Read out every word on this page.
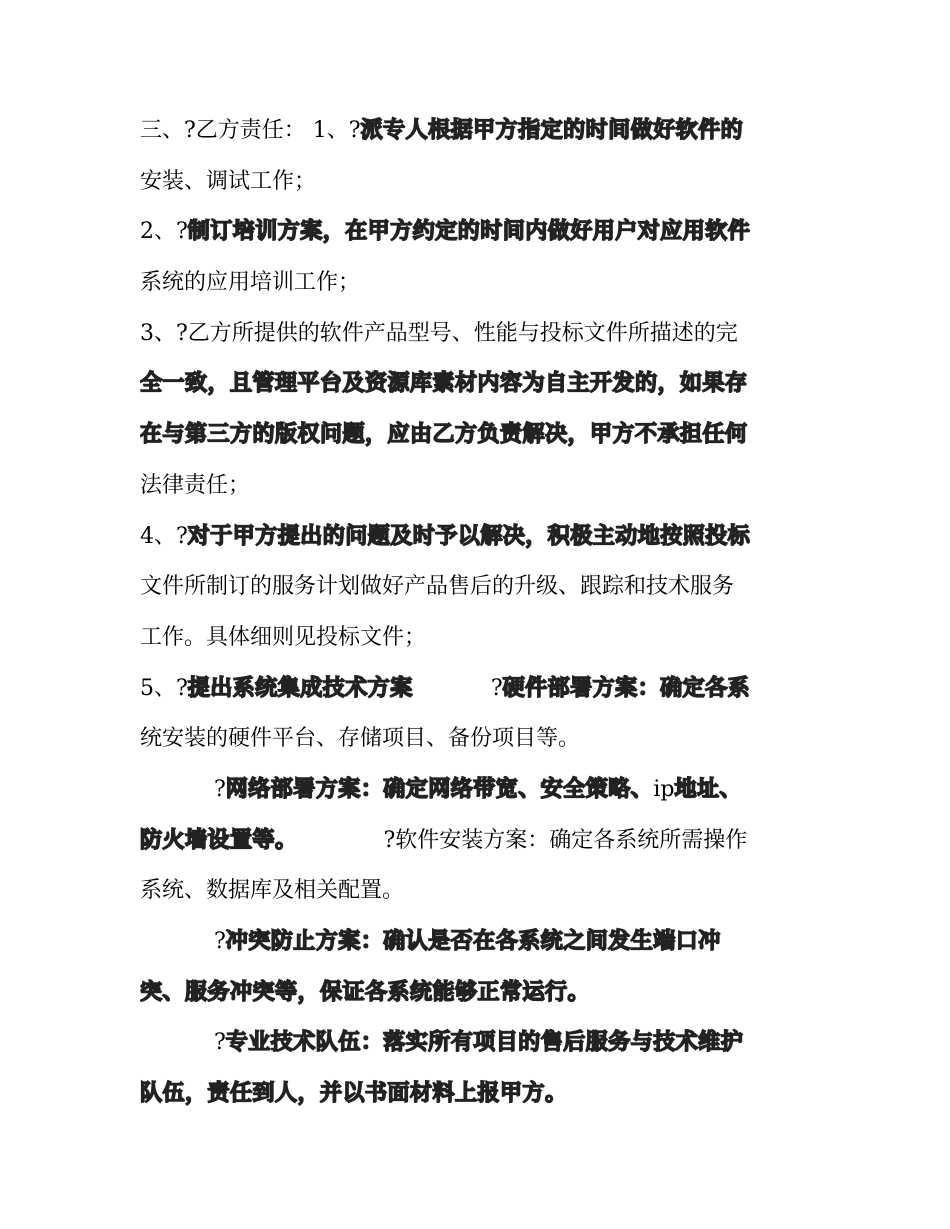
三、?乙方责任： 1、?派专人根据甲方指定的时间做好软件的
安装、调试工作；
2、?制订培训方案，在甲方约定的时间内做好用户对应用软件
系统的应用培训工作；
3、?乙方所提供的软件产品型号、性能与投标文件所描述的完
全一致，且管理平台及资源库素材内容为自主开发的，如果存
在与第三方的版权问题，应由乙方负责解决，甲方不承担任何
法律责任；
4、?对于甲方提出的问题及时予以解决，积极主动地按照投标
文件所制订的服务计划做好产品售后的升级、跟踪和技术服务
工作。具体细则见投标文件；
5、?提出系统集成技术方案	?硬件部署方案：确定各系
统安装的硬件平台、存储项目、备份项目等。
?网络部署方案：确定网络带宽、安全策略、ip地址、
防火墙设置等。	?软件安装方案：确定各系统所需操作
系统、数据库及相关配置。
?冲突防止方案：确认是否在各系统之间发生端口冲
突、服务冲突等，保证各系统能够正常运行。
?专业技术队伍：落实所有项目的售后服务与技术维护
队伍，责任到人，并以书面材料上报甲方。
